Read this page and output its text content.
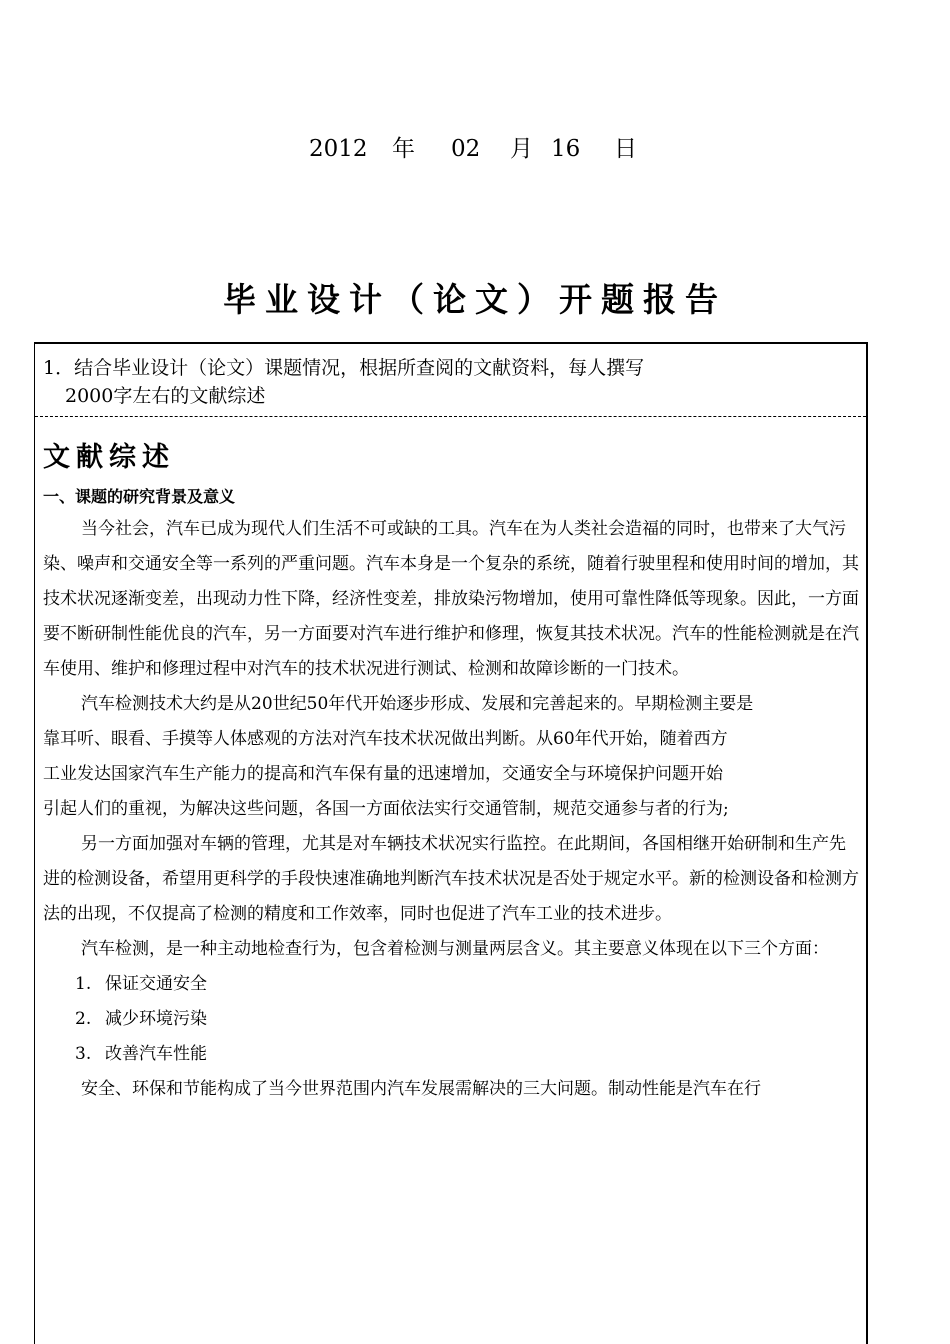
2012 年 02 月 16 日
毕业设计（论文）开题报告
1．结合毕业设计（论文）课题情况，根据所查阅的文献资料，每人撰写
2000字左右的文献综述
文献综述
一、课题的研究背景及意义

当今社会，汽车已成为现代人们生活不可或缺的工具。汽车在为人类社会造福的同时，也带来了大气污染、噪声和交通安全等一系列的严重问题。汽车本身是一个复杂的系统，随着行驶里程和使用时间的增加，其技术状况逐渐变差，出现动力性下降，经济性变差，排放染污物增加，使用可靠性降低等现象。因此，一方面要不断研制性能优良的汽车，另一方面要对汽车进行维护和修理，恢复其技术状况。汽车的性能检测就是在汽车使用、维护和修理过程中对汽车的技术状况进行测试、检测和故障诊断的一门技术。

汽车检测技术大约是从20世纪50年代开始逐步形成、发展和完善起来的。早期检测主要是

靠耳听、眼看、手摸等人体感观的方法对汽车技术状况做出判断。从60年代开始，随着西方

工业发达国家汽车生产能力的提高和汽车保有量的迅速增加，交通安全与环境保护问题开始

引起人们的重视，为解决这些问题，各国一方面依法实行交通管制，规范交通参与者的行为;

另一方面加强对车辆的管理，尤其是对车辆技术状况实行监控。在此期间，各国相继开始研制和生产先进的检测设备，希望用更科学的手段快速准确地判断汽车技术状况是否处于规定水平。新的检测设备和检测方法的出现，不仅提高了检测的精度和工作效率，同时也促进了汽车工业的技术进步。

汽车检测，是一种主动地检查行为，包含着检测与测量两层含义。其主要意义体现在以下三个方面：

1. 保证交通安全
2. 减少环境污染
3. 改善汽车性能

安全、环保和节能构成了当今世界范围内汽车发展需解决的三大问题。制动性能是汽车在行
